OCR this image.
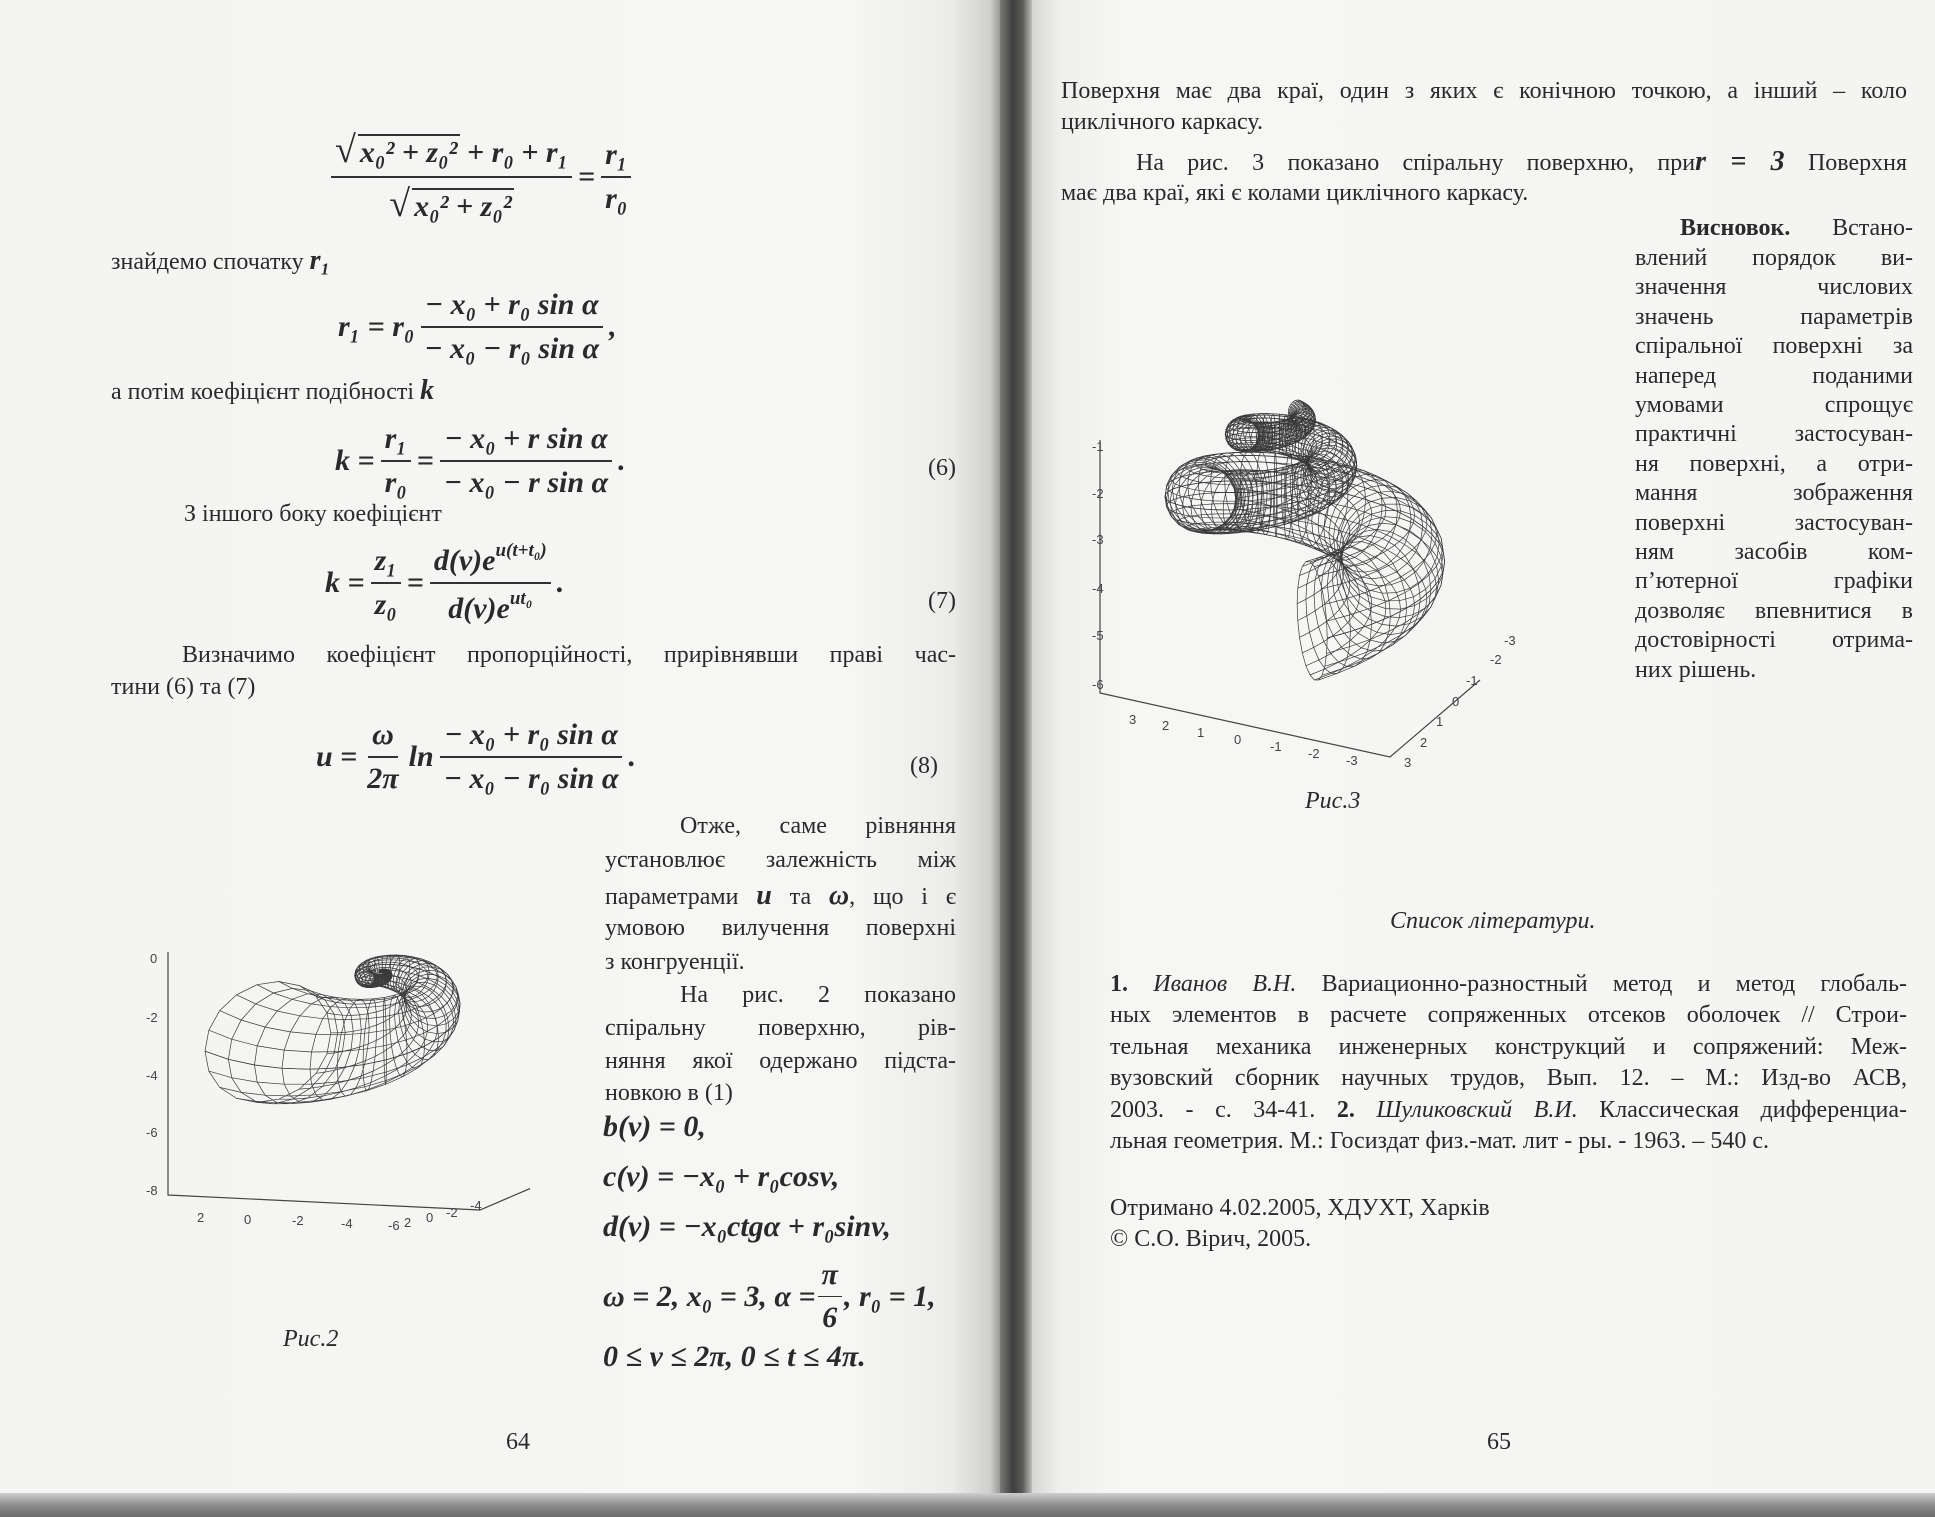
$\frac{\text{√ x₀² + z₀² + r₀ + r₁}}{\text{√ x₀² + z₀²}} = \frac{\text{r₁}}{\text{r₀}}$
знайдемо спочатку r₁
$r_1 = r_0 \frac{\text{− x₀ + r₀ sin α}}{\text{− x₀ − r₀ sin α}}$ ,
а потім коефіцієнт подібності k
$k = \frac{\text{r₁}}{\text{r₀}} = \frac{\text{− x₀ + r sin α}}{\text{− x₀ − r sin α}}$ .	(6)
З іншого боку коефіцієнт
$k = \frac{\text{z₁}}{\text{z₀}} = \frac{d(v)e^{u(t+t_0)}}{d(v)e^{ut_0}}$ .
(7)
Визначимо коефіцієнт пропорційності, прирівнявши праві час-
тини (6) та (7)
$u = \frac{\omega}{2\pi}$ $\ln \frac{\text{− x₀ + r₀ sin α}}{\text{− x₀ − r₀ sin α}}$ .	(8)
Отже, саме рівняння
установлює залежність між
параметрами u та ω, що і є
умовою вилучення поверхні
з конгруенції.
На рис. 2 показано
спіральну поверхню, рів-
няння якої одержано підста-
новкою в (1)
b(v) = 0,
c(v) = −x₀ + r₀cosv,
d(v) = −x₀ctgα + r₀sinv,
ω = 2, x₀ = 3, $\alpha = \frac{\pi}{6}$ , r₀ = 1,
0 ≤ v ≤ 2π, 0 ≤ t ≤ 4π.
0
-2
-4
-6
-8
2	0	-2	-4	-6 2 0 -2 -4
Рис.2
64
Поверхня має два краї, один з яких є конічною точкою, а інший – коло
циклічного каркасу.
На рис. 3 показано спіральну поверхню, приr = 3 Поверхня
має два краї, які є колами циклічного каркасу.
Висновок. Встано-
влений порядок ви-
значення числових
значень параметрів
спіральної поверхні за
наперед поданими
умовами спрощує
практичні застосуван-
ня поверхні, а отри-
мання зображення
поверхні застосуван-
ням засобів ком-
п’ютерної графіки
дозволяє впевнитися в
достовірності отрима-
них рішень.
-1
-2
-3
-4
-5
-6
3 2 1 0 -1 -2 -3
-3
-2
-1
0
1
2
3
Рис.3
Список літератури.
1. Иванов В.Н. Вариационно-разностный метод и метод глобаль-
ных элементов в расчете сопряженных отсеков оболочек // Строи-
тельная механика инженерных конструкций и сопряжений: Меж-
вузовский сборник научных трудов, Вып. 12. – М.: Изд-во АСВ,
2003. - с. 34-41. 2. Шуликовский В.И. Классическая дифференциа-
льная геометрия. М.: Госиздат физ.-мат. лит - ры. - 1963. – 540 с.
Отримано 4.02.2005, ХДУХТ, Харків
© С.О. Вірич, 2005.
65
